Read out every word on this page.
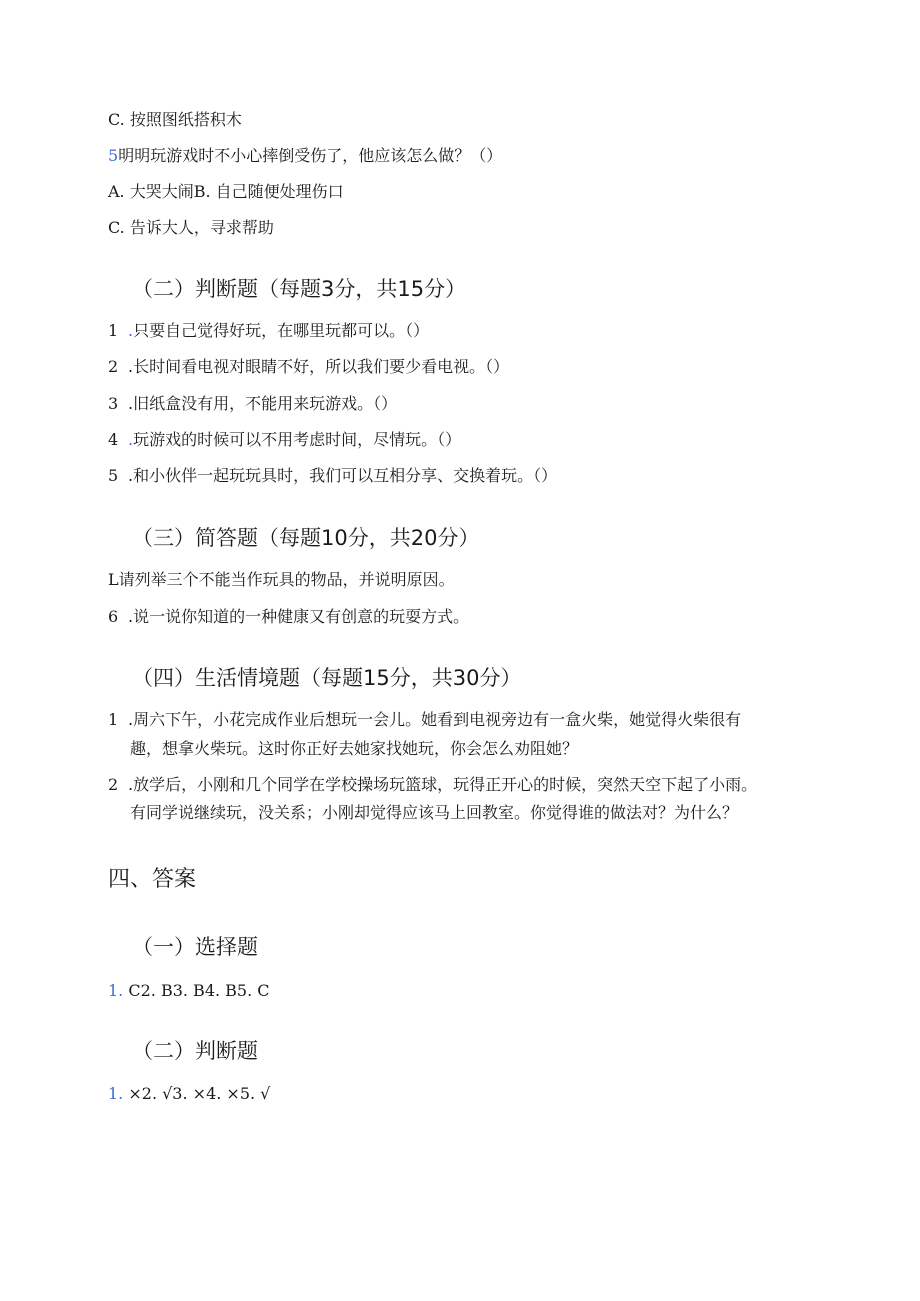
C. 按照图纸搭积木
5明明玩游戏时不小心摔倒受伤了，他应该怎么做？（）
A. 大哭大闹B. 自己随便处理伤口
C. 告诉大人，寻求帮助
（二）判断题（每题3分，共15分）
1 .只要自己觉得好玩，在哪里玩都可以。（）
2 .长时间看电视对眼睛不好，所以我们要少看电视。（）
3 .旧纸盒没有用，不能用来玩游戏。（）
4 .玩游戏的时候可以不用考虑时间，尽情玩。（）
5 .和小伙伴一起玩玩具时，我们可以互相分享、交换着玩。（）
（三）简答题（每题10分，共20分）
L请列举三个不能当作玩具的物品，并说明原因。
6 .说一说你知道的一种健康又有创意的玩耍方式。
（四）生活情境题（每题15分，共30分）
1 .周六下午，小花完成作业后想玩一会儿。她看到电视旁边有一盒火柴，她觉得火柴很有
趣，想拿火柴玩。这时你正好去她家找她玩，你会怎么劝阻她？
2 .放学后，小刚和几个同学在学校操场玩篮球，玩得正开心的时候，突然天空下起了小雨。
有同学说继续玩，没关系；小刚却觉得应该马上回教室。你觉得谁的做法对？为什么？
四、答案
（一）选择题
1. C2. B3. B4. B5. C
（二）判断题
1. ×2. √3. ×4. ×5. √
